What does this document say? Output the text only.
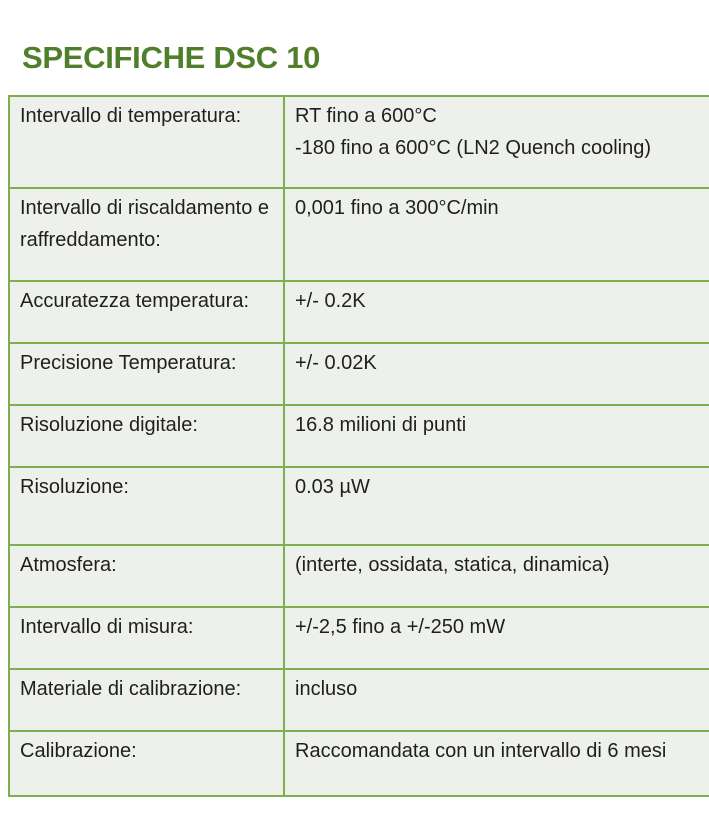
SPECIFICHE DSC 10
Intervallo di temperatura:	RT fino a 600°C
-180 fino a 600°C (LN2 Quench cooling)

Intervallo di riscaldamento e raffreddamento:	0,001 fino a 300°C/min
Accuratezza temperatura:	+/- 0.2K
Precisione Temperatura:	+/- 0.02K
Risoluzione digitale:	16.8 milioni di punti
Risoluzione:	0.03 µW
Atmosfera:	(interte, ossidata, statica, dinamica)
Intervallo di misura:	+/-2,5 fino a +/-250 mW
Materiale di calibrazione:	incluso
Calibrazione:	Raccomandata con un intervallo di 6 mesi
